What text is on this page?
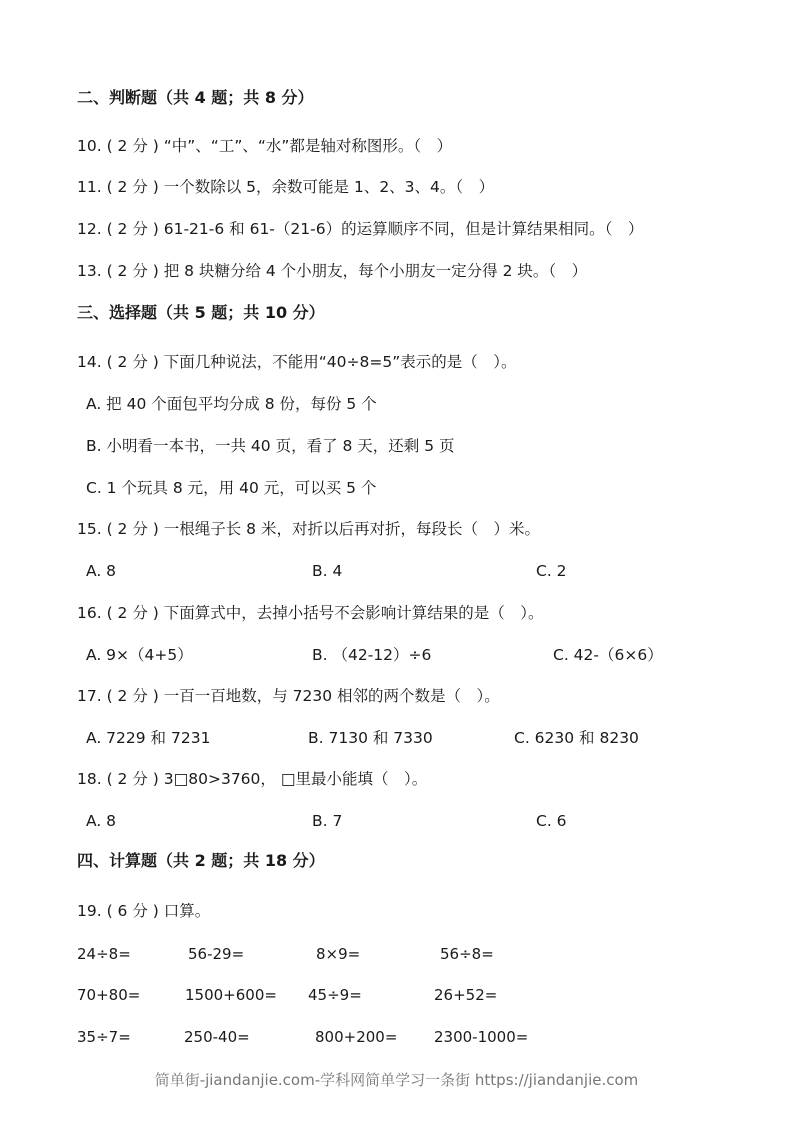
二、判断题（共 4 题；共 8 分）
10. ( 2 分 ) “中”、“工”、“水”都是轴对称图形。（　）
11. ( 2 分 ) 一个数除以 5，余数可能是 1、2、3、4。（　）
12. ( 2 分 ) 61-21-6 和 61-（21-6）的运算顺序不同，但是计算结果相同。（　）
13. ( 2 分 ) 把 8 块糖分给 4 个小朋友，每个小朋友一定分得 2 块。（　）
三、选择题（共 5 题；共 10 分）
14. ( 2 分 ) 下面几种说法，不能用“40÷8=5”表示的是（　）。
A. 把 40 个面包平均分成 8 份，每份 5 个
B. 小明看一本书，一共 40 页，看了 8 天，还剩 5 页
C. 1 个玩具 8 元，用 40 元，可以买 5 个
15. ( 2 分 ) 一根绳子长 8 米，对折以后再对折，每段长（　）米。
A. 8	B. 4	C. 2
16. ( 2 分 ) 下面算式中，去掉小括号不会影响计算结果的是（　）。
A. 9×（4+5）	B. （42-12）÷6	C. 42-（6×6）
17. ( 2 分 ) 一百一百地数，与 7230 相邻的两个数是（　）。
A. 7229 和 7231	B. 7130 和 7330	C. 6230 和 8230
18. ( 2 分 ) 3□80>3760， □里最小能填（　）。
A. 8	B. 7	C. 6
四、计算题（共 2 题；共 18 分）
19. ( 6 分 ) 口算。
24÷8=	56-29=	8×9=	56÷8=
70+80=	1500+600= 45÷9=	26+52=
35÷7=	250-40=	800+200= 2300-1000=
简单街-jiandanjie.com-学科网简单学习一条街 https://jiandanjie.com
